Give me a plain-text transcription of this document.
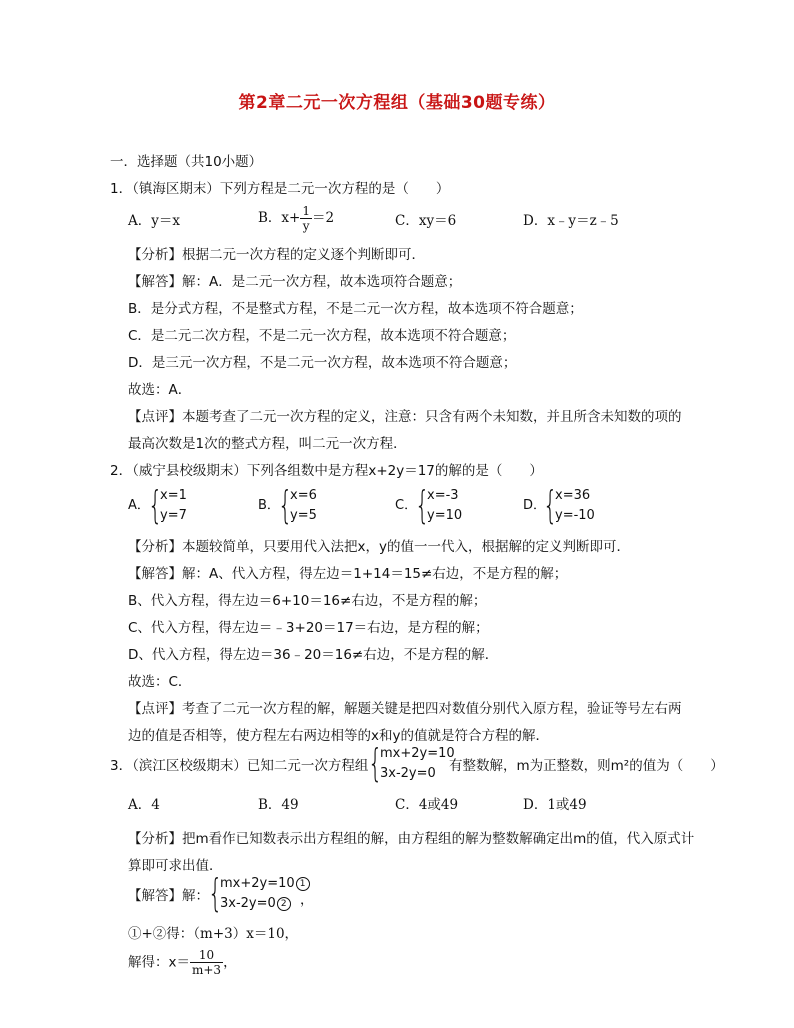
第2章二元一次方程组（基础30题专练）
一．选择题（共10小题）
1．（镇海区期末）下列方程是二元一次方程的是（　　）
A．y＝x	B．$x+ \frac{1}{y} =2$	C．xy＝6	D．x﹣y＝z﹣5
【分析】根据二元一次方程的定义逐个判断即可．
【解答】解：A．是二元一次方程，故本选项符合题意；
B．是分式方程，不是整式方程，不是二元一次方程，故本选项不符合题意；
C．是二元二次方程，不是二元一次方程，故本选项不符合题意；
D．是三元一次方程，不是二元一次方程，故本选项不符合题意；
故选：A．
【点评】本题考查了二元一次方程的定义，注意：只含有两个未知数，并且所含未知数的项的
最高次数是1次的整式方程，叫二元一次方程．
2．（威宁县校级期末）下列各组数中是方程x+2y＝17的解的是（　　）
A．
{
x=1
y=7
B．
{
x=6
y=5
C．
{
x=-3
y=10
D．
{
x=36
y=-10
【分析】本题较简单，只要用代入法把x，y的值一一代入，根据解的定义判断即可．
【解答】解：A、代入方程，得左边＝1+14＝15≠右边，不是方程的解；
B、代入方程，得左边＝6+10＝16≠右边，不是方程的解；
C、代入方程，得左边＝﹣3+20＝17＝右边，是方程的解；
D、代入方程，得左边＝36﹣20＝16≠右边，不是方程的解．
故选：C．
【点评】考查了二元一次方程的解，解题关键是把四对数值分别代入原方程，验证等号左右两
边的值是否相等，使方程左右两边相等的x和y的值就是符合方程的解．
3．（滨江区校级期末）已知二元一次方程组 {
mx+2y=10
3x-2y=0 有整数解，m为正整数，则m²的值为（　　）
A．4	B．49	C．4或49	D．1或49
【分析】把m看作已知数表示出方程组的解，由方程组的解为整数解确定出m的值，代入原式计
算即可求出值．
【解答】解： {
mx+2y=10 1
3x-2y=0 2 ，
①+②得：（m+3）x＝10，
解得：$x= \frac{10}{m+3}$ ，
